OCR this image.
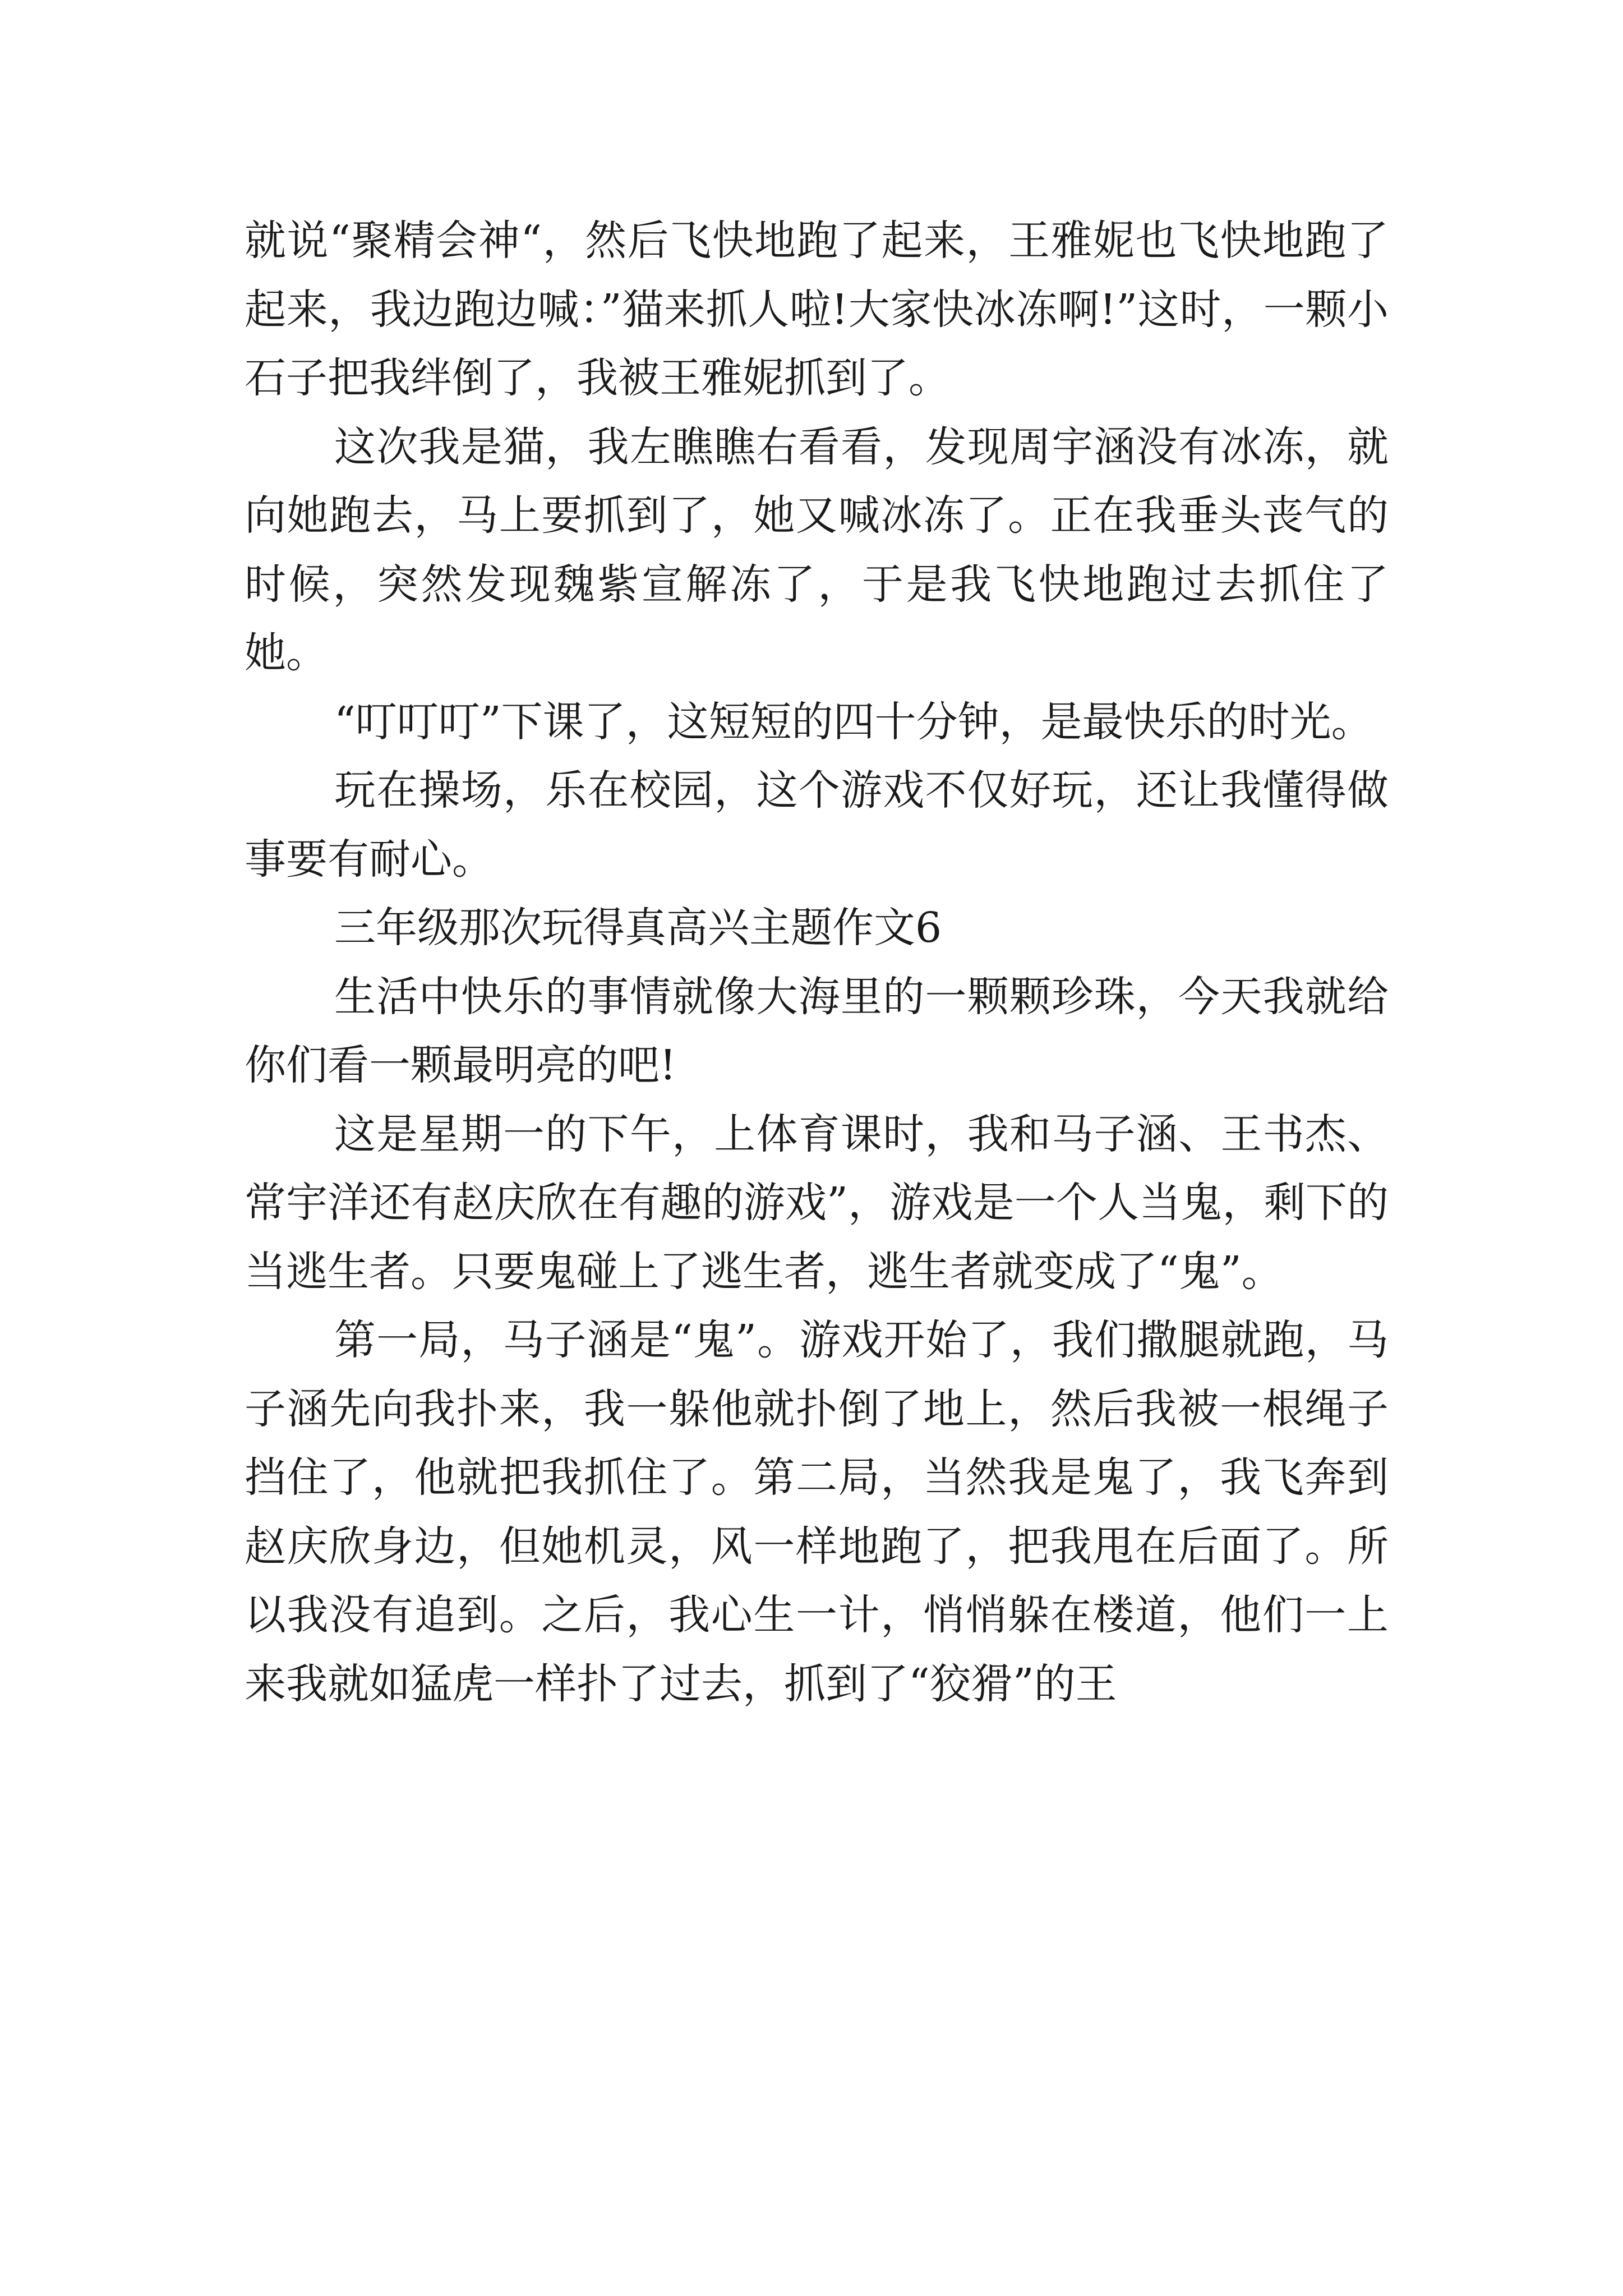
就说“聚精会神“，然后飞快地跑了起来，王雅妮也飞快地跑了起来，我边跑边喊：”猫来抓人啦!大家快冰冻啊!”这时，一颗小石子把我绊倒了，我被王雅妮抓到了。

这次我是猫，我左瞧瞧右看看，发现周宇涵没有冰冻，就向她跑去，马上要抓到了，她又喊冰冻了。正在我垂头丧气的时候，突然发现魏紫宣解冻了，于是我飞快地跑过去抓住了她。

“叮叮叮”下课了，这短短的四十分钟，是最快乐的时光。

玩在操场，乐在校园，这个游戏不仅好玩，还让我懂得做事要有耐心。

三年级那次玩得真高兴主题作文6

生活中快乐的事情就像大海里的一颗颗珍珠，今天我就给你们看一颗最明亮的吧!

这是星期一的下午，上体育课时，我和马子涵、王书杰、常宇洋还有赵庆欣在有趣的游戏”，游戏是一个人当鬼，剩下的当逃生者。只要鬼碰上了逃生者，逃生者就变成了“鬼”。

第一局，马子涵是“鬼”。游戏开始了，我们撒腿就跑，马子涵先向我扑来，我一躲他就扑倒了地上，然后我被一根绳子挡住了，他就把我抓住了。第二局，当然我是鬼了，我飞奔到赵庆欣身边，但她机灵，风一样地跑了，把我甩在后面了。所以我没有追到。之后，我心生一计，悄悄躲在楼道，他们一上来我就如猛虎一样扑了过去，抓到了“狡猾”的王
